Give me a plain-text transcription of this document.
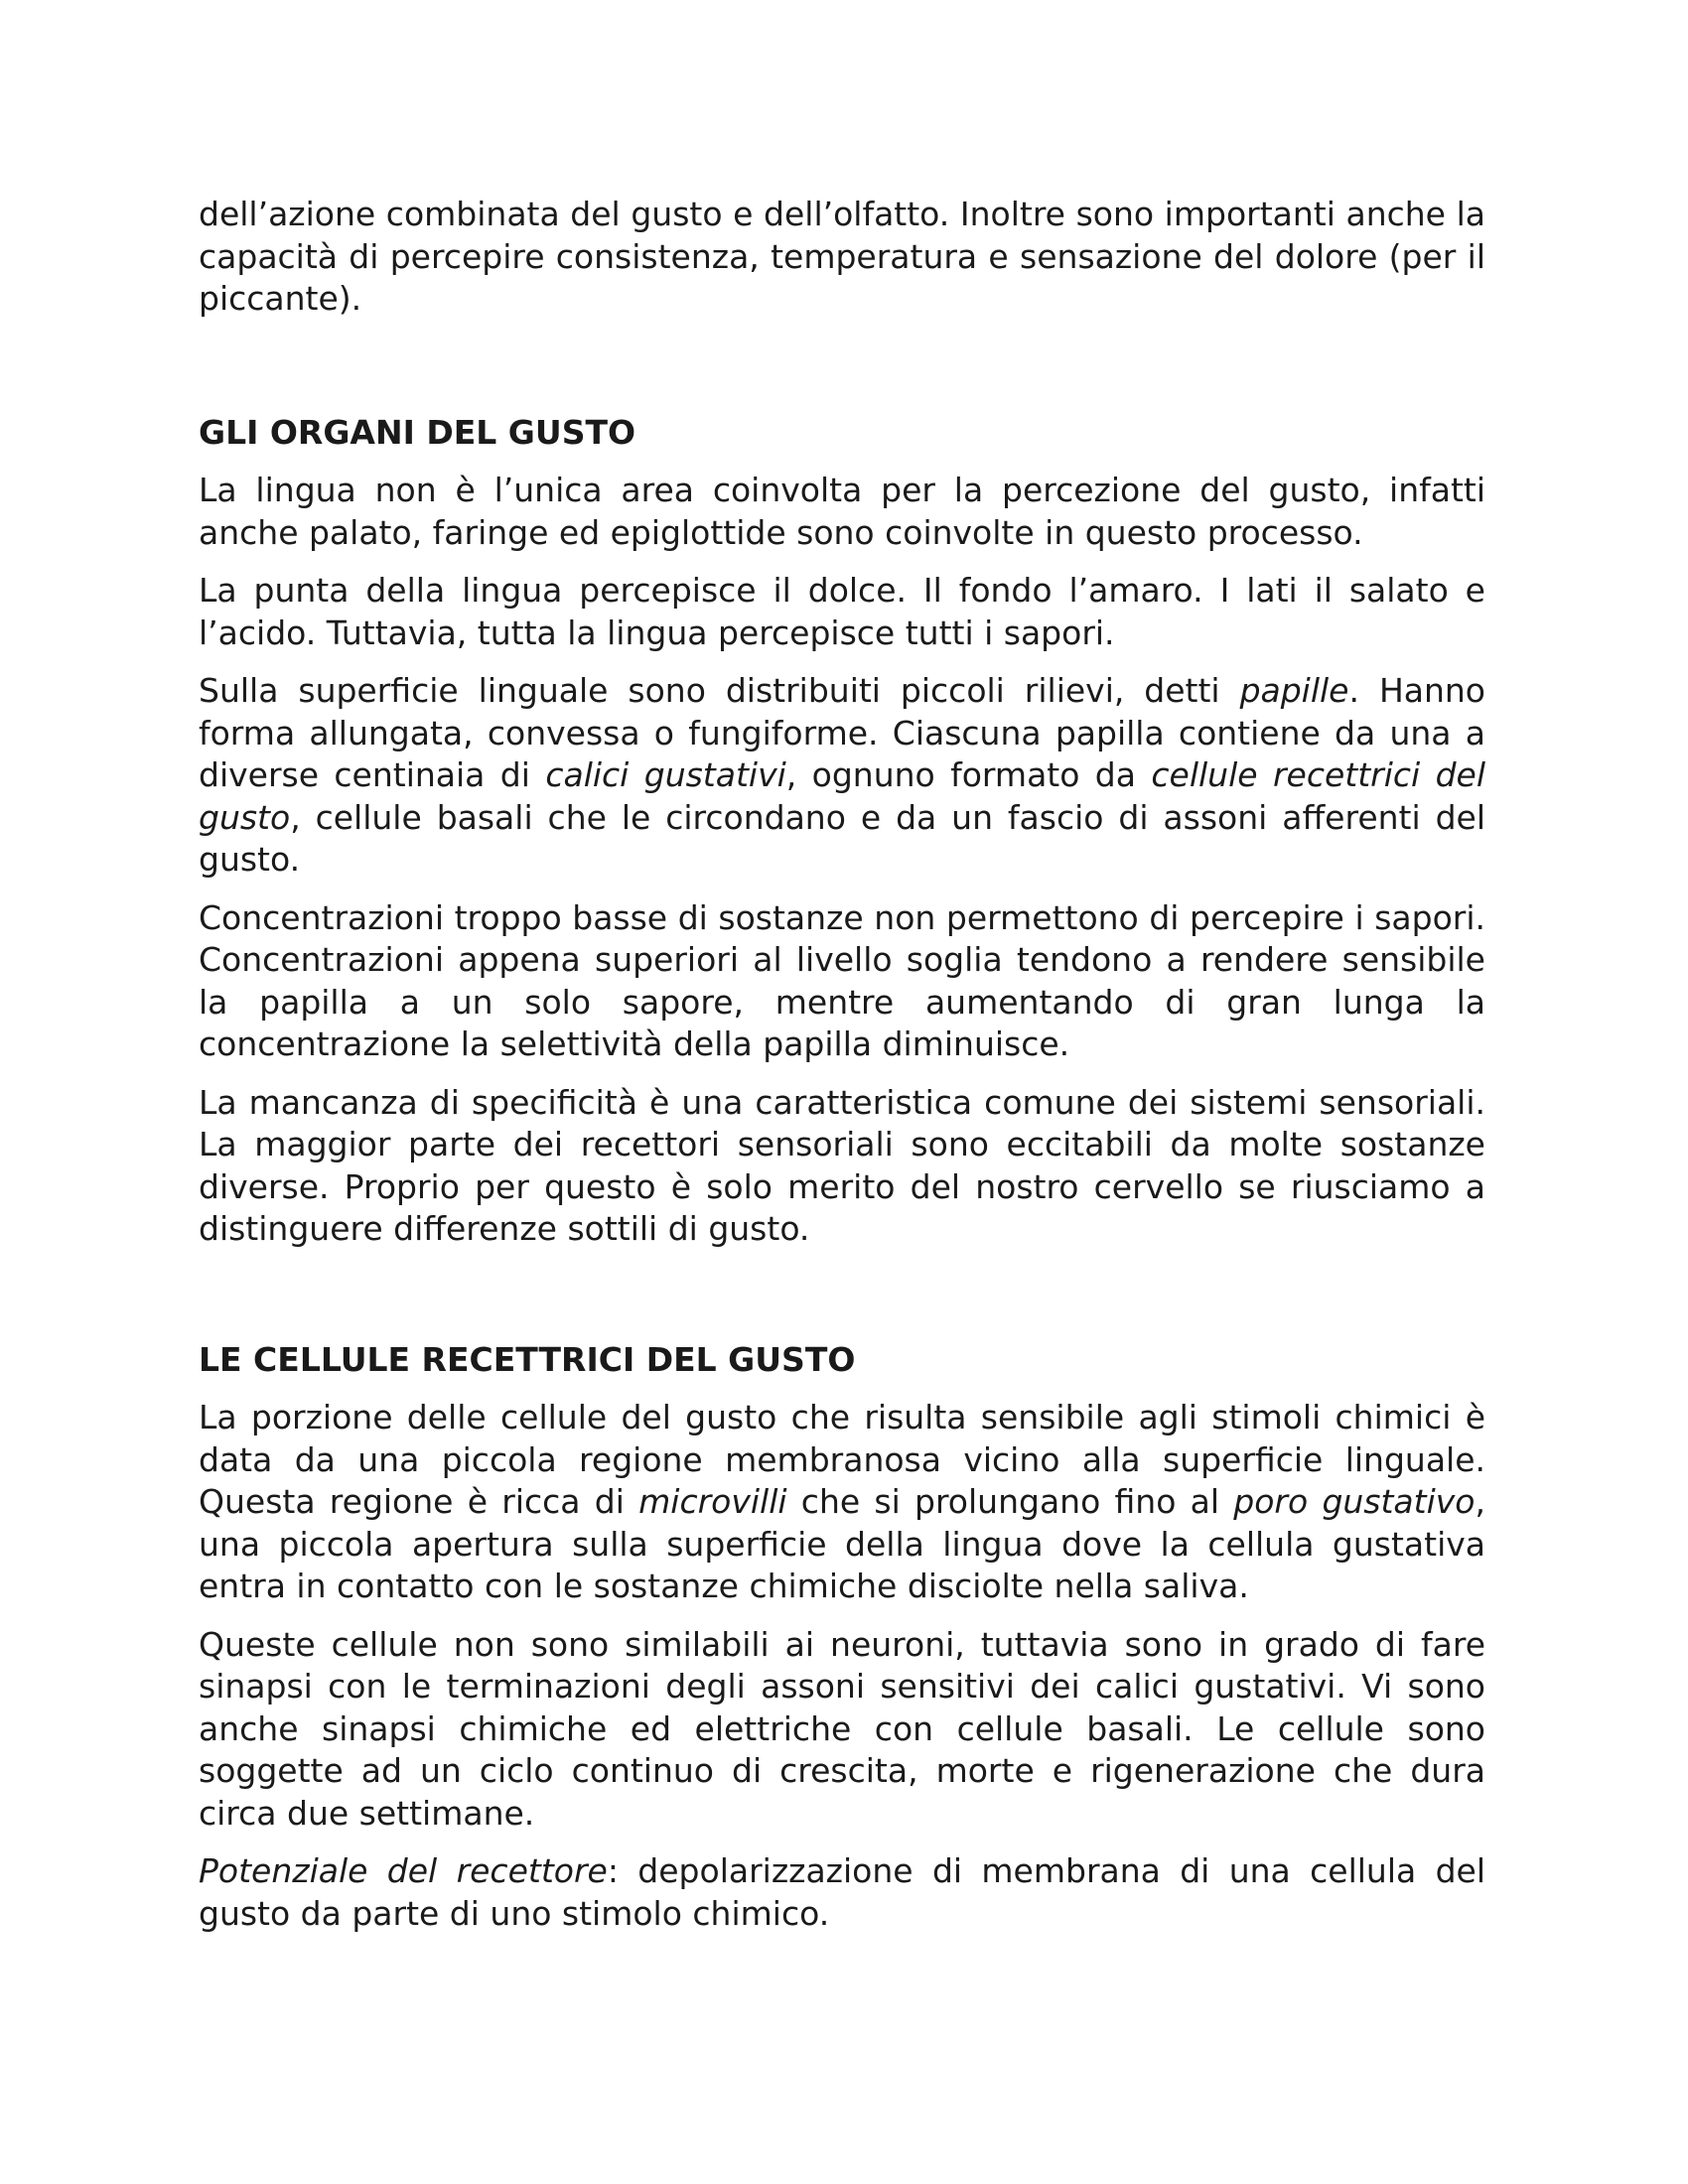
dell’azione combinata del gusto e dell’olfatto. Inoltre sono importanti anche la capacità di percepire consistenza, temperatura e sensazione del dolore (per il piccante).

GLI ORGANI DEL GUSTO

La lingua non è l’unica area coinvolta per la percezione del gusto, infatti anche palato, faringe ed epiglottide sono coinvolte in questo processo.

La punta della lingua percepisce il dolce. Il fondo l’amaro. I lati il salato e l’acido. Tuttavia, tutta la lingua percepisce tutti i sapori.

Sulla superficie linguale sono distribuiti piccoli rilievi, detti papille. Hanno forma allungata, convessa o fungiforme. Ciascuna papilla contiene da una a diverse centinaia di calici gustativi, ognuno formato da cellule recettrici del gusto, cellule basali che le circondano e da un fascio di assoni afferenti del gusto.

Concentrazioni troppo basse di sostanze non permettono di percepire i sapori. Concentrazioni appena superiori al livello soglia tendono a rendere sensibile la papilla a un solo sapore, mentre aumentando di gran lunga la concentrazione la selettività della papilla diminuisce.

La mancanza di specificità è una caratteristica comune dei sistemi sensoriali. La maggior parte dei recettori sensoriali sono eccitabili da molte sostanze diverse. Proprio per questo è solo merito del nostro cervello se riusciamo a distinguere differenze sottili di gusto.

LE CELLULE RECETTRICI DEL GUSTO

La porzione delle cellule del gusto che risulta sensibile agli stimoli chimici è data da una piccola regione membranosa vicino alla superficie linguale. Questa regione è ricca di microvilli che si prolungano fino al poro gustativo, una piccola apertura sulla superficie della lingua dove la cellula gustativa entra in contatto con le sostanze chimiche disciolte nella saliva.

Queste cellule non sono similabili ai neuroni, tuttavia sono in grado di fare sinapsi con le terminazioni degli assoni sensitivi dei calici gustativi. Vi sono anche sinapsi chimiche ed elettriche con cellule basali. Le cellule sono soggette ad un ciclo continuo di crescita, morte e rigenerazione che dura circa due settimane.

Potenziale del recettore: depolarizzazione di membrana di una cellula del gusto da parte di uno stimolo chimico.
